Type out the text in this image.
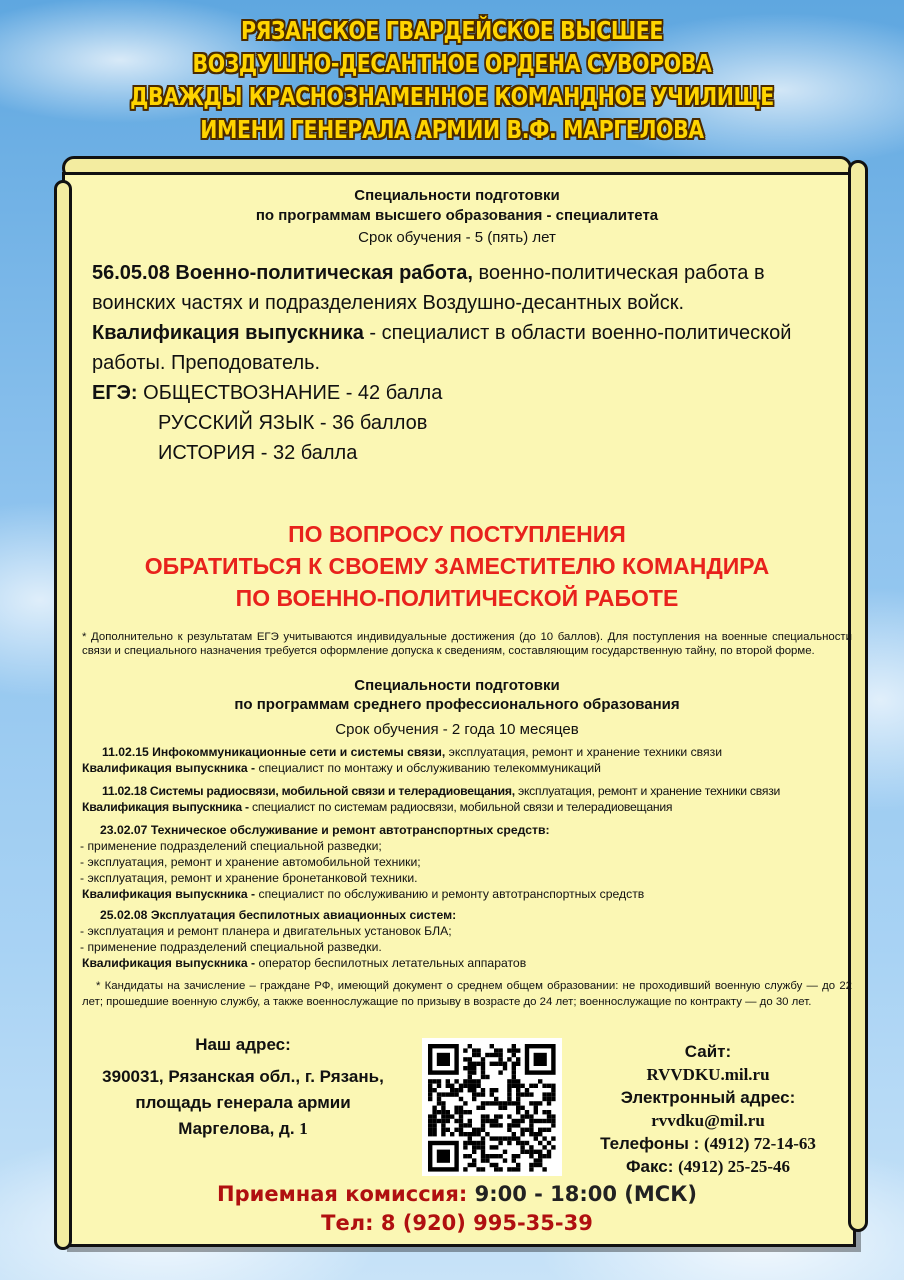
РЯЗАНСКОЕ ГВАРДЕЙСКОЕ ВЫСШЕЕ
ВОЗДУШНО-ДЕСАНТНОЕ ОРДЕНА СУВОРОВА
ДВАЖДЫ КРАСНОЗНАМЕННОЕ КОМАНДНОЕ УЧИЛИЩЕ
ИМЕНИ ГЕНЕРАЛА АРМИИ В.Ф. МАРГЕЛОВА
Специальности подготовки
по программам высшего образования - специалитета
Срок обучения - 5 (пять) лет
56.05.08 Военно-политическая работа, военно-политическая работа в воинских частях и подразделениях Воздушно-десантных войск.
Квалификация выпускника - специалист в области военно-политической работы. Преподователь.
ЕГЭ: ОБЩЕСТВОЗНАНИЕ - 42 балла
РУССКИЙ ЯЗЫК - 36 баллов
ИСТОРИЯ - 32 балла
ПО ВОПРОСУ ПОСТУПЛЕНИЯ
ОБРАТИТЬСЯ К СВОЕМУ ЗАМЕСТИТЕЛЮ КОМАНДИРА
ПО ВОЕННО-ПОЛИТИЧЕСКОЙ РАБОТЕ
* Дополнительно к результатам ЕГЭ учитываются индивидуальные достижения (до 10 баллов). Для поступления на военные специальности связи и специального назначения требуется оформление допуска к сведениям, составляющим государственную тайну, по второй форме.
Специальности подготовки
по программам среднего профессионального образования
Срок обучения - 2 года 10 месяцев
11.02.15 Инфокоммуникационные сети и системы связи, эксплуатация, ремонт и хранение техники связи
Квалификация выпускника - специалист по монтажу и обслуживанию телекоммуникаций
11.02.18 Системы радиосвязи, мобильной связи и телерадиовещания, эксплуатация, ремонт и хранение техники связи
Квалификация выпускника - специалист по системам радиосвязи, мобильной связи и телерадиовещания
23.02.07 Техническое обслуживание и ремонт автотранспортных средств:
- применение подразделений специальной разведки;
- эксплуатация, ремонт и хранение автомобильной техники;
- эксплуатация, ремонт и хранение бронетанковой техники.
Квалификация выпускника - специалист по обслуживанию и ремонту автотранспортных средств
25.02.08 Эксплуатация беспилотных авиационных систем:
- эксплуатация и ремонт планера и двигательных установок БЛА;
- применение подразделений специальной разведки.
Квалификация выпускника - оператор беспилотных летательных аппаратов
* Кандидаты на зачисление – граждане РФ, имеющий документ о среднем общем образовании: не проходивший военную службу — до 22 лет; прошедшие военную службу, а также военнослужащие по призыву в возрасте до 24 лет; военнослужащие по контракту — до 30 лет.
Наш адрес:
390031, Рязанская обл., г. Рязань,
площадь генерала армии
Маргелова, д. 1
Сайт:
RVVDKU.mil.ru
Электронный адрес:
rvvdku@mil.ru
Телефоны : (4912) 72-14-63
Факс: (4912) 25-25-46
Приемная комиссия: 9:00 - 18:00 (МСК)
Тел: 8 (920) 995-35-39
